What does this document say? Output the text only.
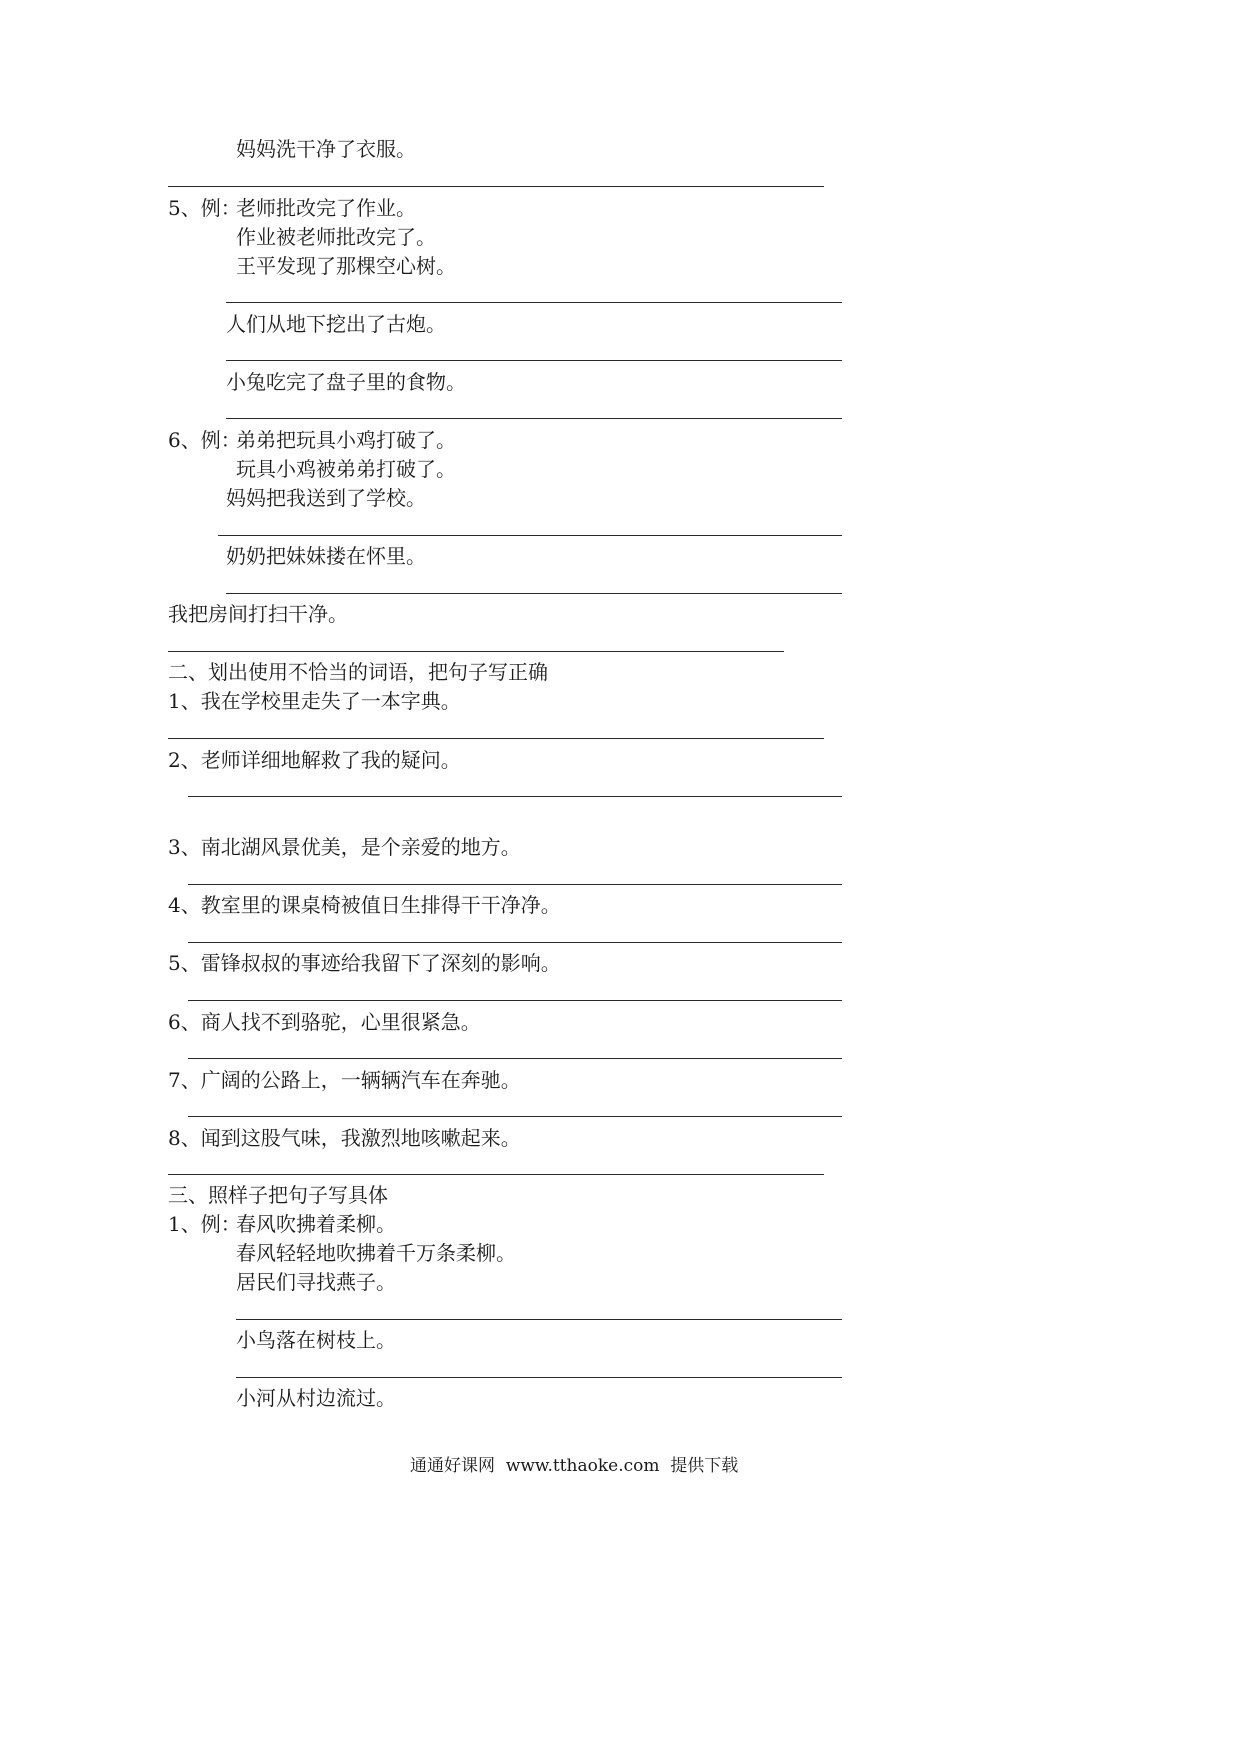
妈妈洗干净了衣服。
5、例：
老师批改完了作业。
作业被老师批改完了。
王平发现了那棵空心树。
人们从地下挖出了古炮。
小兔吃完了盘子里的食物。
6、例：
弟弟把玩具小鸡打破了。
玩具小鸡被弟弟打破了。
妈妈把我送到了学校。
奶奶把妹妹搂在怀里。
我把房间打扫干净。
二、划出使用不恰当的词语，把句子写正确
1、我在学校里走失了一本字典。
2、老师详细地解救了我的疑问。
3、南北湖风景优美，是个亲爱的地方。
4、教室里的课桌椅被值日生排得干干净净。
5、雷锋叔叔的事迹给我留下了深刻的影响。
6、商人找不到骆驼，心里很紧急。
7、广阔的公路上，一辆辆汽车在奔驰。
8、闻到这股气味，我激烈地咳嗽起来。
三、照样子把句子写具体
1、例：
春风吹拂着柔柳。
春风轻轻地吹拂着千万条柔柳。
居民们寻找燕子。
小鸟落在树枝上。
小河从村边流过。
通通好课网 www.tthaoke.com 提供下载
